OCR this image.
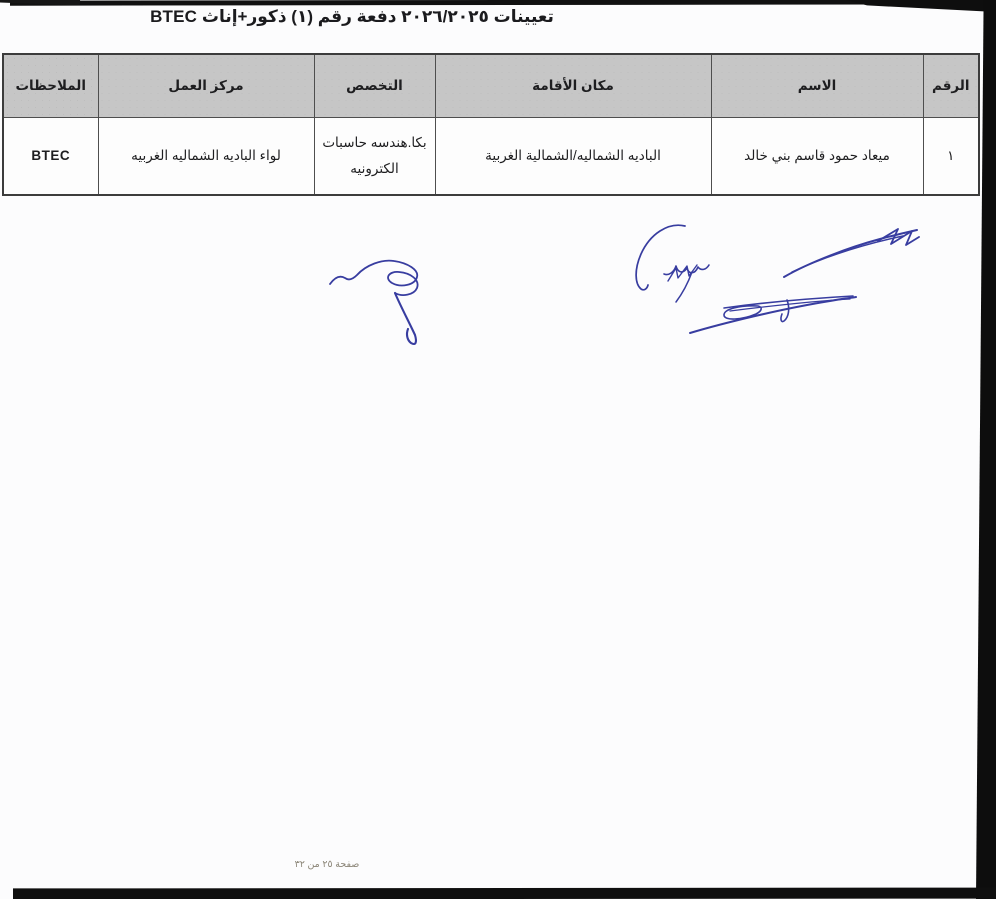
تعيينات ٢٠٢٦/٢٠٢٥ دفعة رقم (١) ذكور+إناث BTEC
الرقم	الاسم	مكان الأقامة	التخصص	مركز العمل	الملاحظات
١	ميعاد حمود قاسم بني خالد	الباديه الشماليه/الشمالية الغربية	بكا.هندسه حاسبات الكترونيه	لواء الباديه الشماليه الغربيه	BTEC
صفحة ٢٥ من ٣٢
